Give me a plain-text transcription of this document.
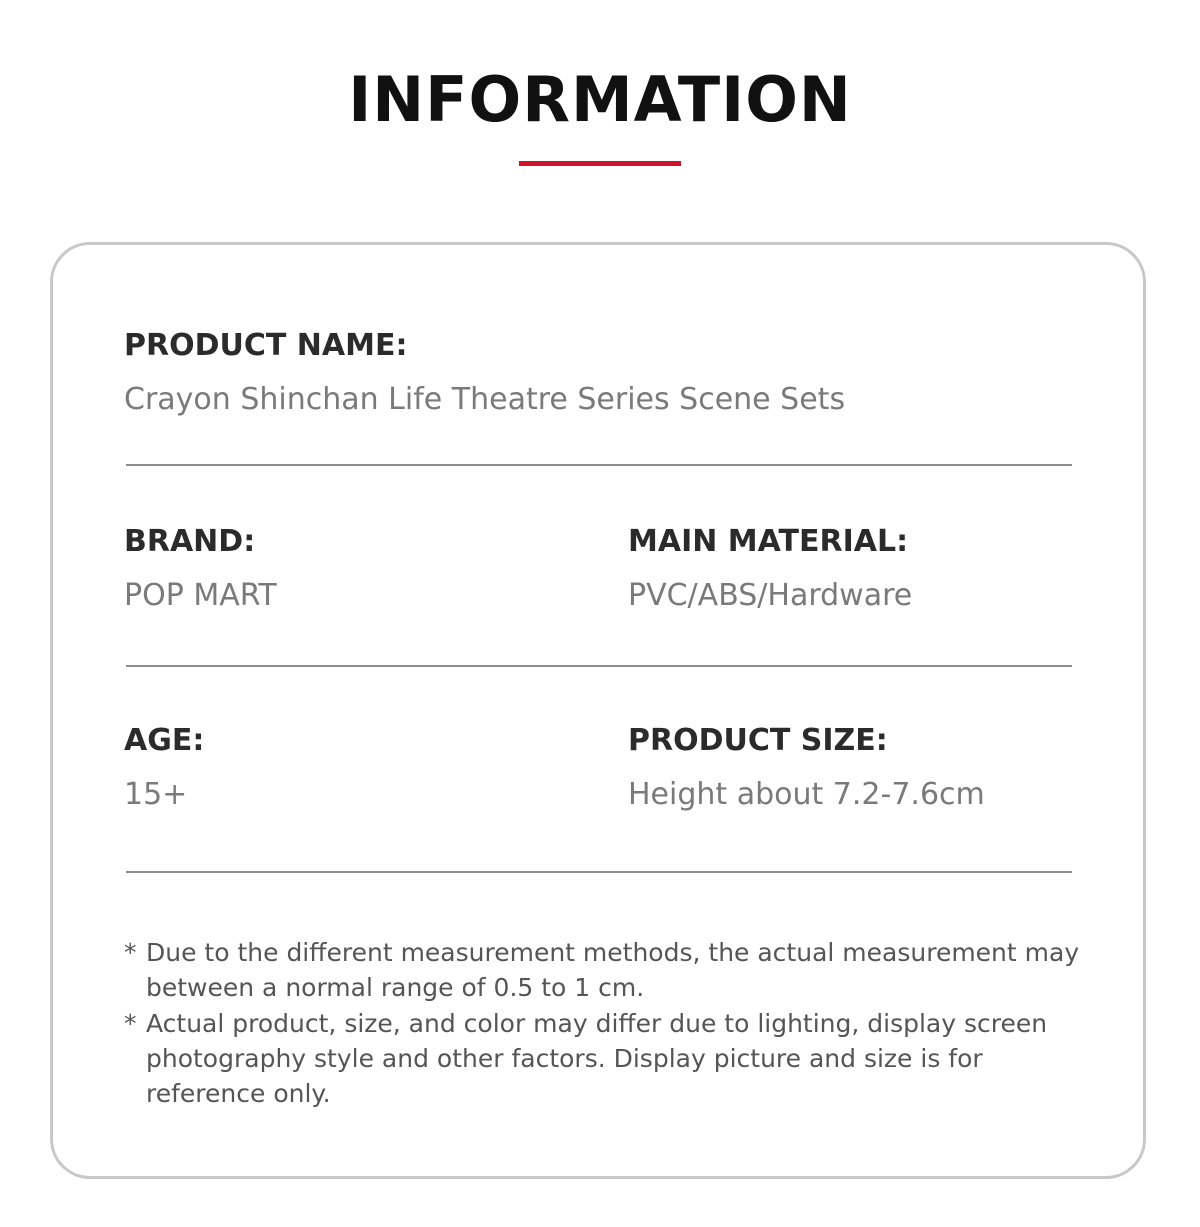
INFORMATION
PRODUCT NAME:
Crayon Shinchan Life Theatre Series Scene Sets
BRAND:
POP MART
MAIN MATERIAL:
PVC/ABS/Hardware
AGE:
15+
PRODUCT SIZE:
Height about 7.2-7.6cm
* Due to the different measurement methods, the actual measurement may between a normal range of 0.5 to 1 cm.
* Actual product, size, and color may differ due to lighting, display screen photography style and other factors. Display picture and size is for reference only.
